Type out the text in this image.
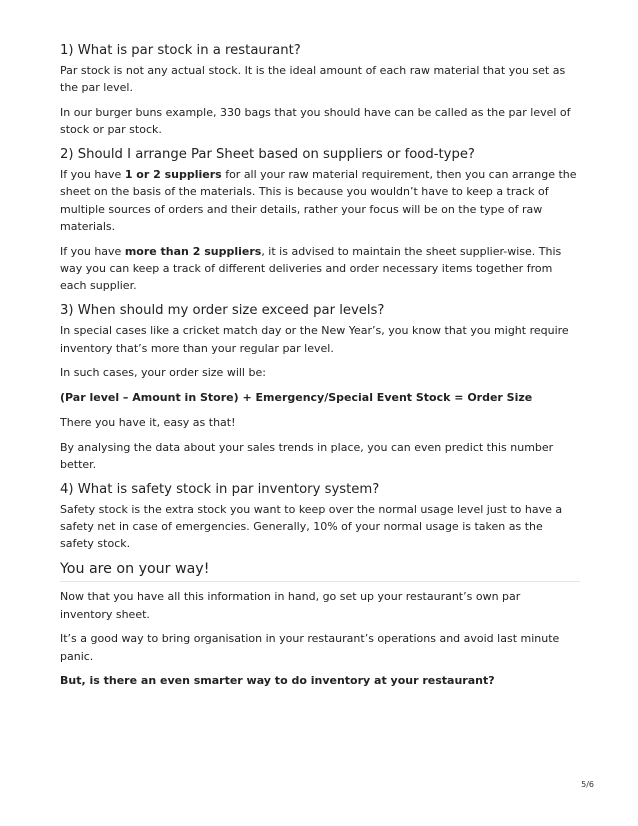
1) What is par stock in a restaurant?

Par stock is not any actual stock. It is the ideal amount of each raw material that you set as
the par level.

In our burger buns example, 330 bags that you should have can be called as the par level of
stock or par stock.

2) Should I arrange Par Sheet based on suppliers or food-type?

If you have 1 or 2 suppliers for all your raw material requirement, then you can arrange the
sheet on the basis of the materials. This is because you wouldn’t have to keep a track of
multiple sources of orders and their details, rather your focus will be on the type of raw
materials.

If you have more than 2 suppliers, it is advised to maintain the sheet supplier-wise. This
way you can keep a track of different deliveries and order necessary items together from
each supplier.

3) When should my order size exceed par levels?

In special cases like a cricket match day or the New Year’s, you know that you might require
inventory that’s more than your regular par level.

In such cases, your order size will be:

(Par level – Amount in Store) + Emergency/Special Event Stock = Order Size

There you have it, easy as that!

By analysing the data about your sales trends in place, you can even predict this number
better.

4) What is safety stock in par inventory system?

Safety stock is the extra stock you want to keep over the normal usage level just to have a
safety net in case of emergencies. Generally, 10% of your normal usage is taken as the
safety stock.

You are on your way!

Now that you have all this information in hand, go set up your restaurant’s own par
inventory sheet.

It’s a good way to bring organisation in your restaurant’s operations and avoid last minute
panic.

But, is there an even smarter way to do inventory at your restaurant?

5/6
